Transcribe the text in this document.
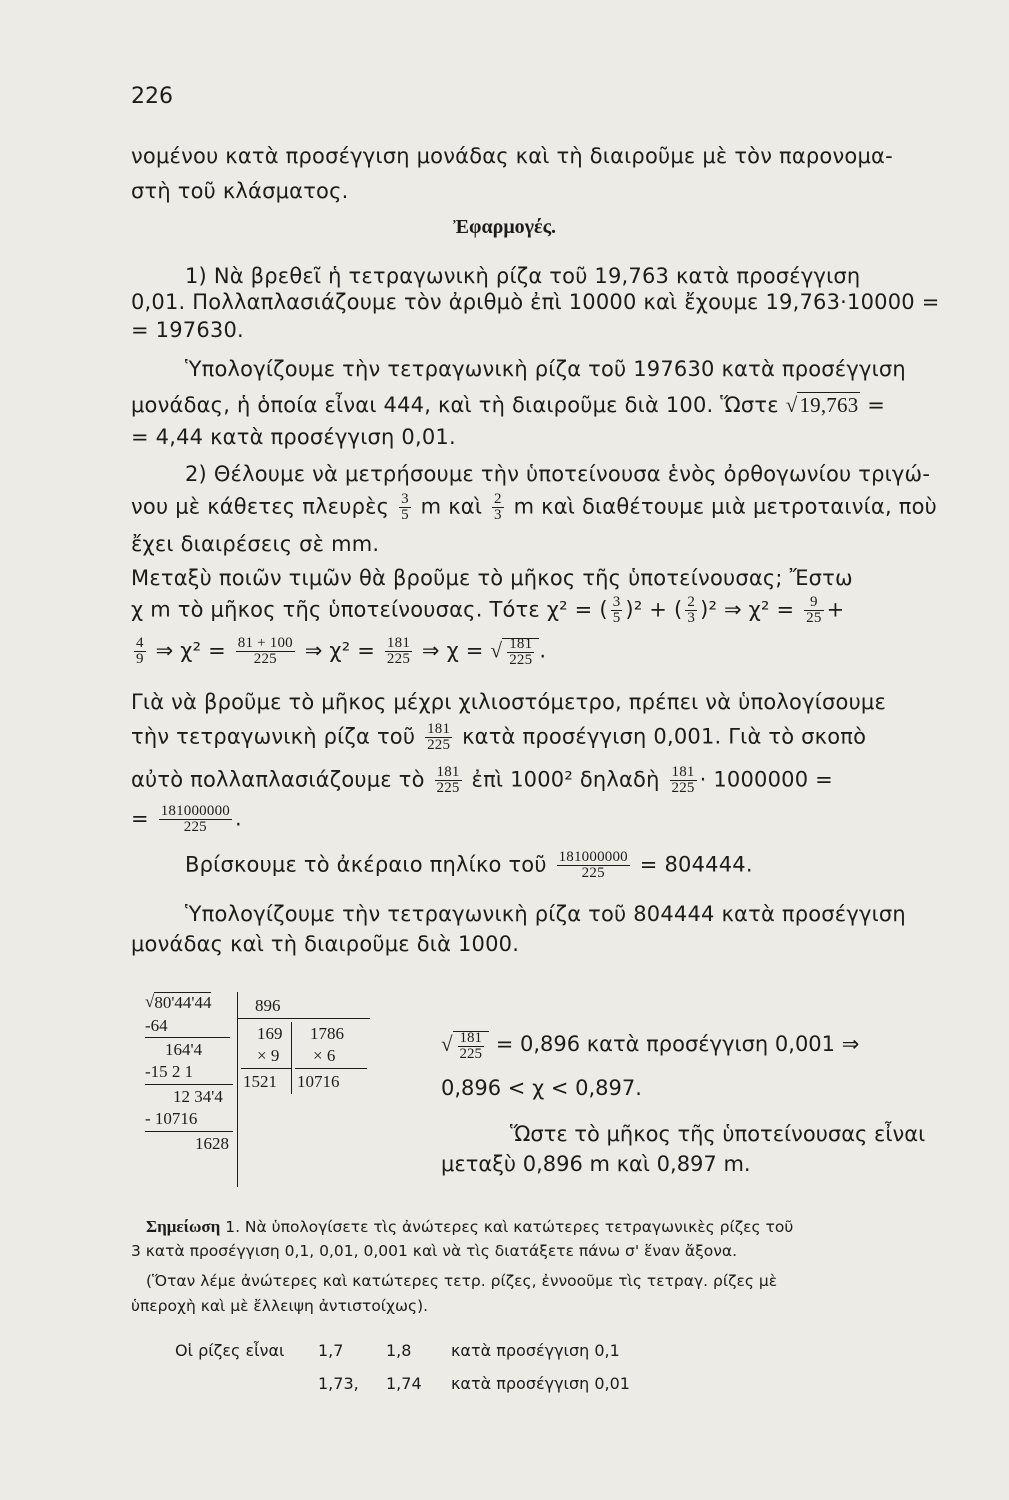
226
νομένου κατὰ προσέγγιση μονάδας καὶ τὴ διαιροῦμε μὲ τὸν παρονομα-
στὴ τοῦ κλάσματος.
Ἐφαρμογές.
1) Νὰ βρεθεῖ ἡ τετραγωνικὴ ρίζα τοῦ 19,763 κατὰ προσέγγιση
0,01. Πολλαπλασιάζουμε τὸν ἀριθμὸ ἐπὶ 10000 καὶ ἔχουμε 19,763·10000 =
= 197630.
Ὑπολογίζουμε τὴν τετραγωνικὴ ρίζα τοῦ 197630 κατὰ προσέγγιση
μονάδας, ἡ ὁποία εἶναι 444, καὶ τὴ διαιροῦμε διὰ 100. Ὥστε √19,763 =
= 4,44 κατὰ προσέγγιση 0,01.
2) Θέλουμε νὰ μετρήσουμε τὴν ὑποτείνουσα ἑνὸς ὀρθογωνίου τριγώ-
νου μὲ κάθετες πλευρὲς $\frac{3}{5}$ m καὶ $\frac{2}{3}$ m καὶ διαθέτουμε μιὰ μετροταινία, ποὺ
ἔχει διαιρέσεις σὲ mm.
Μεταξὺ ποιῶν τιμῶν θὰ βροῦμε τὸ μῆκος τῆς ὑποτείνουσας; Ἔστω
χ m τὸ μῆκος τῆς ὑποτείνουσας. Τότε χ² = ( $\frac{3}{5} )^2$ + ( $\frac{2}{3} )^2$ ⇒ $\chi^2 = \frac{9}{25}$ +
$\frac{4}{9}$ ⇒ $\chi^2 = \frac{81 + 100}{225}$ ⇒ $\chi^2 = \frac{181}{225}$ ⇒ χ = √ $\frac{181}{225}$ .
Γιὰ νὰ βροῦμε τὸ μῆκος μέχρι χιλιοστόμετρο, πρέπει νὰ ὑπολογίσουμε
τὴν τετραγωνικὴ ρίζα τοῦ $\frac{181}{225}$ κατὰ προσέγγιση 0,001. Γιὰ τὸ σκοπὸ
αὐτὸ πολλαπλασιάζουμε τὸ $\frac{181}{225}$ ἐπὶ 1000² δηλαδὴ $\frac{181}{225} \cdot 1000000$ =
= $\frac{181000000}{225}$ .
Βρίσκουμε τὸ ἀκέραιο πηλίκο τοῦ $\frac{181000000}{225} = 804444$.
Ὑπολογίζουμε τὴν τετραγωνικὴ ρίζα τοῦ 804444 κατὰ προσέγγιση
μονάδας καὶ τὴ διαιροῦμε διὰ 1000.
√ 80'44'44
-64
164'4
-15 2 1
12 34'4
- 10716
1628
896
169
× 9
1521
1786
× 6
10716
√ $\frac{181}{225} = 0,896$ κατὰ προσέγγιση 0,001 ⇒
0,896 < χ < 0,897.
Ὥστε τὸ μῆκος τῆς ὑποτείνουσας εἶναι
μεταξὺ 0,896 m καὶ 0,897 m.
Σημείωση 1. Νὰ ὑπολογίσετε τὶς ἀνώτερες καὶ κατώτερες τετραγωνικὲς ρίζες τοῦ
3 κατὰ προσέγγιση 0,1, 0,01, 0,001 καὶ νὰ τὶς διατάξετε πάνω σ' ἕναν ἄξονα.
(Ὅταν λέμε ἀνώτερες καὶ κατώτερες τετρ. ρίζες, ἐννοοῦμε τὶς τετραγ. ρίζες μὲ
ὑπεροχὴ καὶ μὲ ἔλλειψη ἀντιστοίχως).
Οἱ ρίζες εἶναι 1,7	1,8 κατὰ προσέγγιση 0,1
1,73, 1,74 κατὰ προσέγγιση 0,01
